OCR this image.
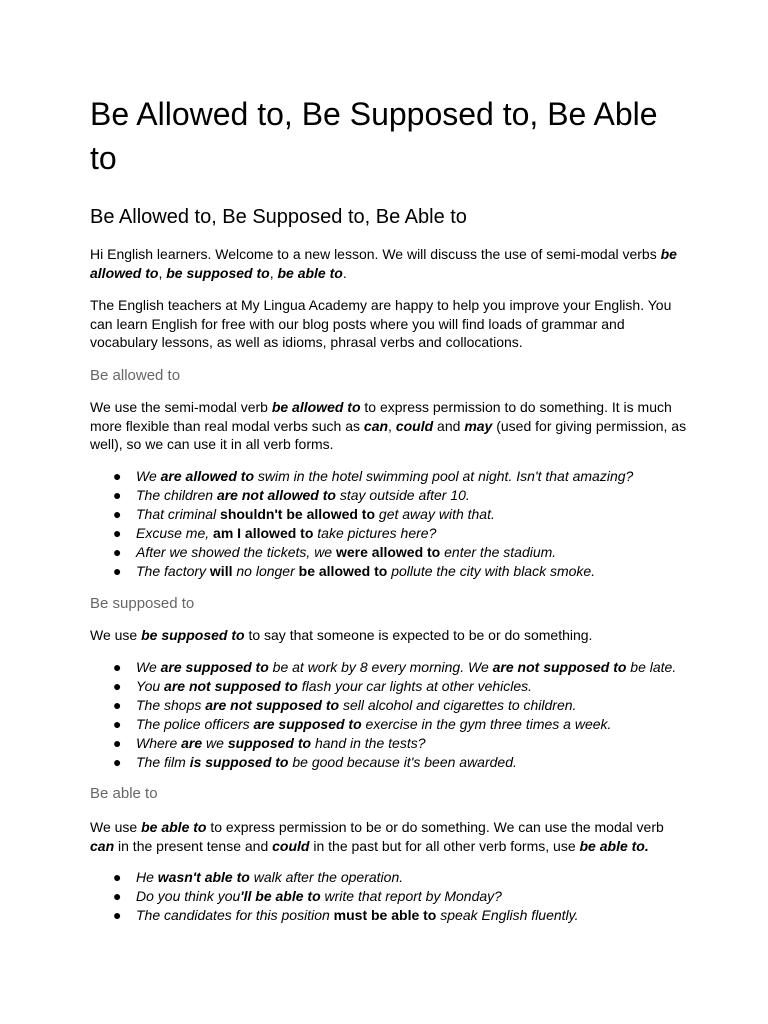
Be Allowed to, Be Supposed to, Be Able to
Be Allowed to, Be Supposed to, Be Able to

Hi English learners. Welcome to a new lesson. We will discuss the use of semi-modal verbs be allowed to, be supposed to, be able to.

The English teachers at My Lingua Academy are happy to help you improve your English. You can learn English for free with our blog posts where you will find loads of grammar and vocabulary lessons, as well as idioms, phrasal verbs and collocations.

Be allowed to

We use the semi-modal verb be allowed to to express permission to do something. It is much more flexible than real modal verbs such as can, could and may (used for giving permission, as well), so we can use it in all verb forms.

● We are allowed to swim in the hotel swimming pool at night. Isn't that amazing?
● The children are not allowed to stay outside after 10.
● That criminal shouldn't be allowed to get away with that.
● Excuse me, am I allowed to take pictures here?
● After we showed the tickets, we were allowed to enter the stadium.
● The factory will no longer be allowed to pollute the city with black smoke.
Be supposed to

We use be supposed to to say that someone is expected to be or do something.

● We are supposed to be at work by 8 every morning. We are not supposed to be late.
● You are not supposed to flash your car lights at other vehicles.
● The shops are not supposed to sell alcohol and cigarettes to children.
● The police officers are supposed to exercise in the gym three times a week.
● Where are we supposed to hand in the tests?
● The film is supposed to be good because it's been awarded.
Be able to

We use be able to to express permission to be or do something. We can use the modal verb can in the present tense and could in the past but for all other verb forms, use be able to.

● He wasn't able to walk after the operation.
● Do you think you'll be able to write that report by Monday?
● The candidates for this position must be able to speak English fluently.
